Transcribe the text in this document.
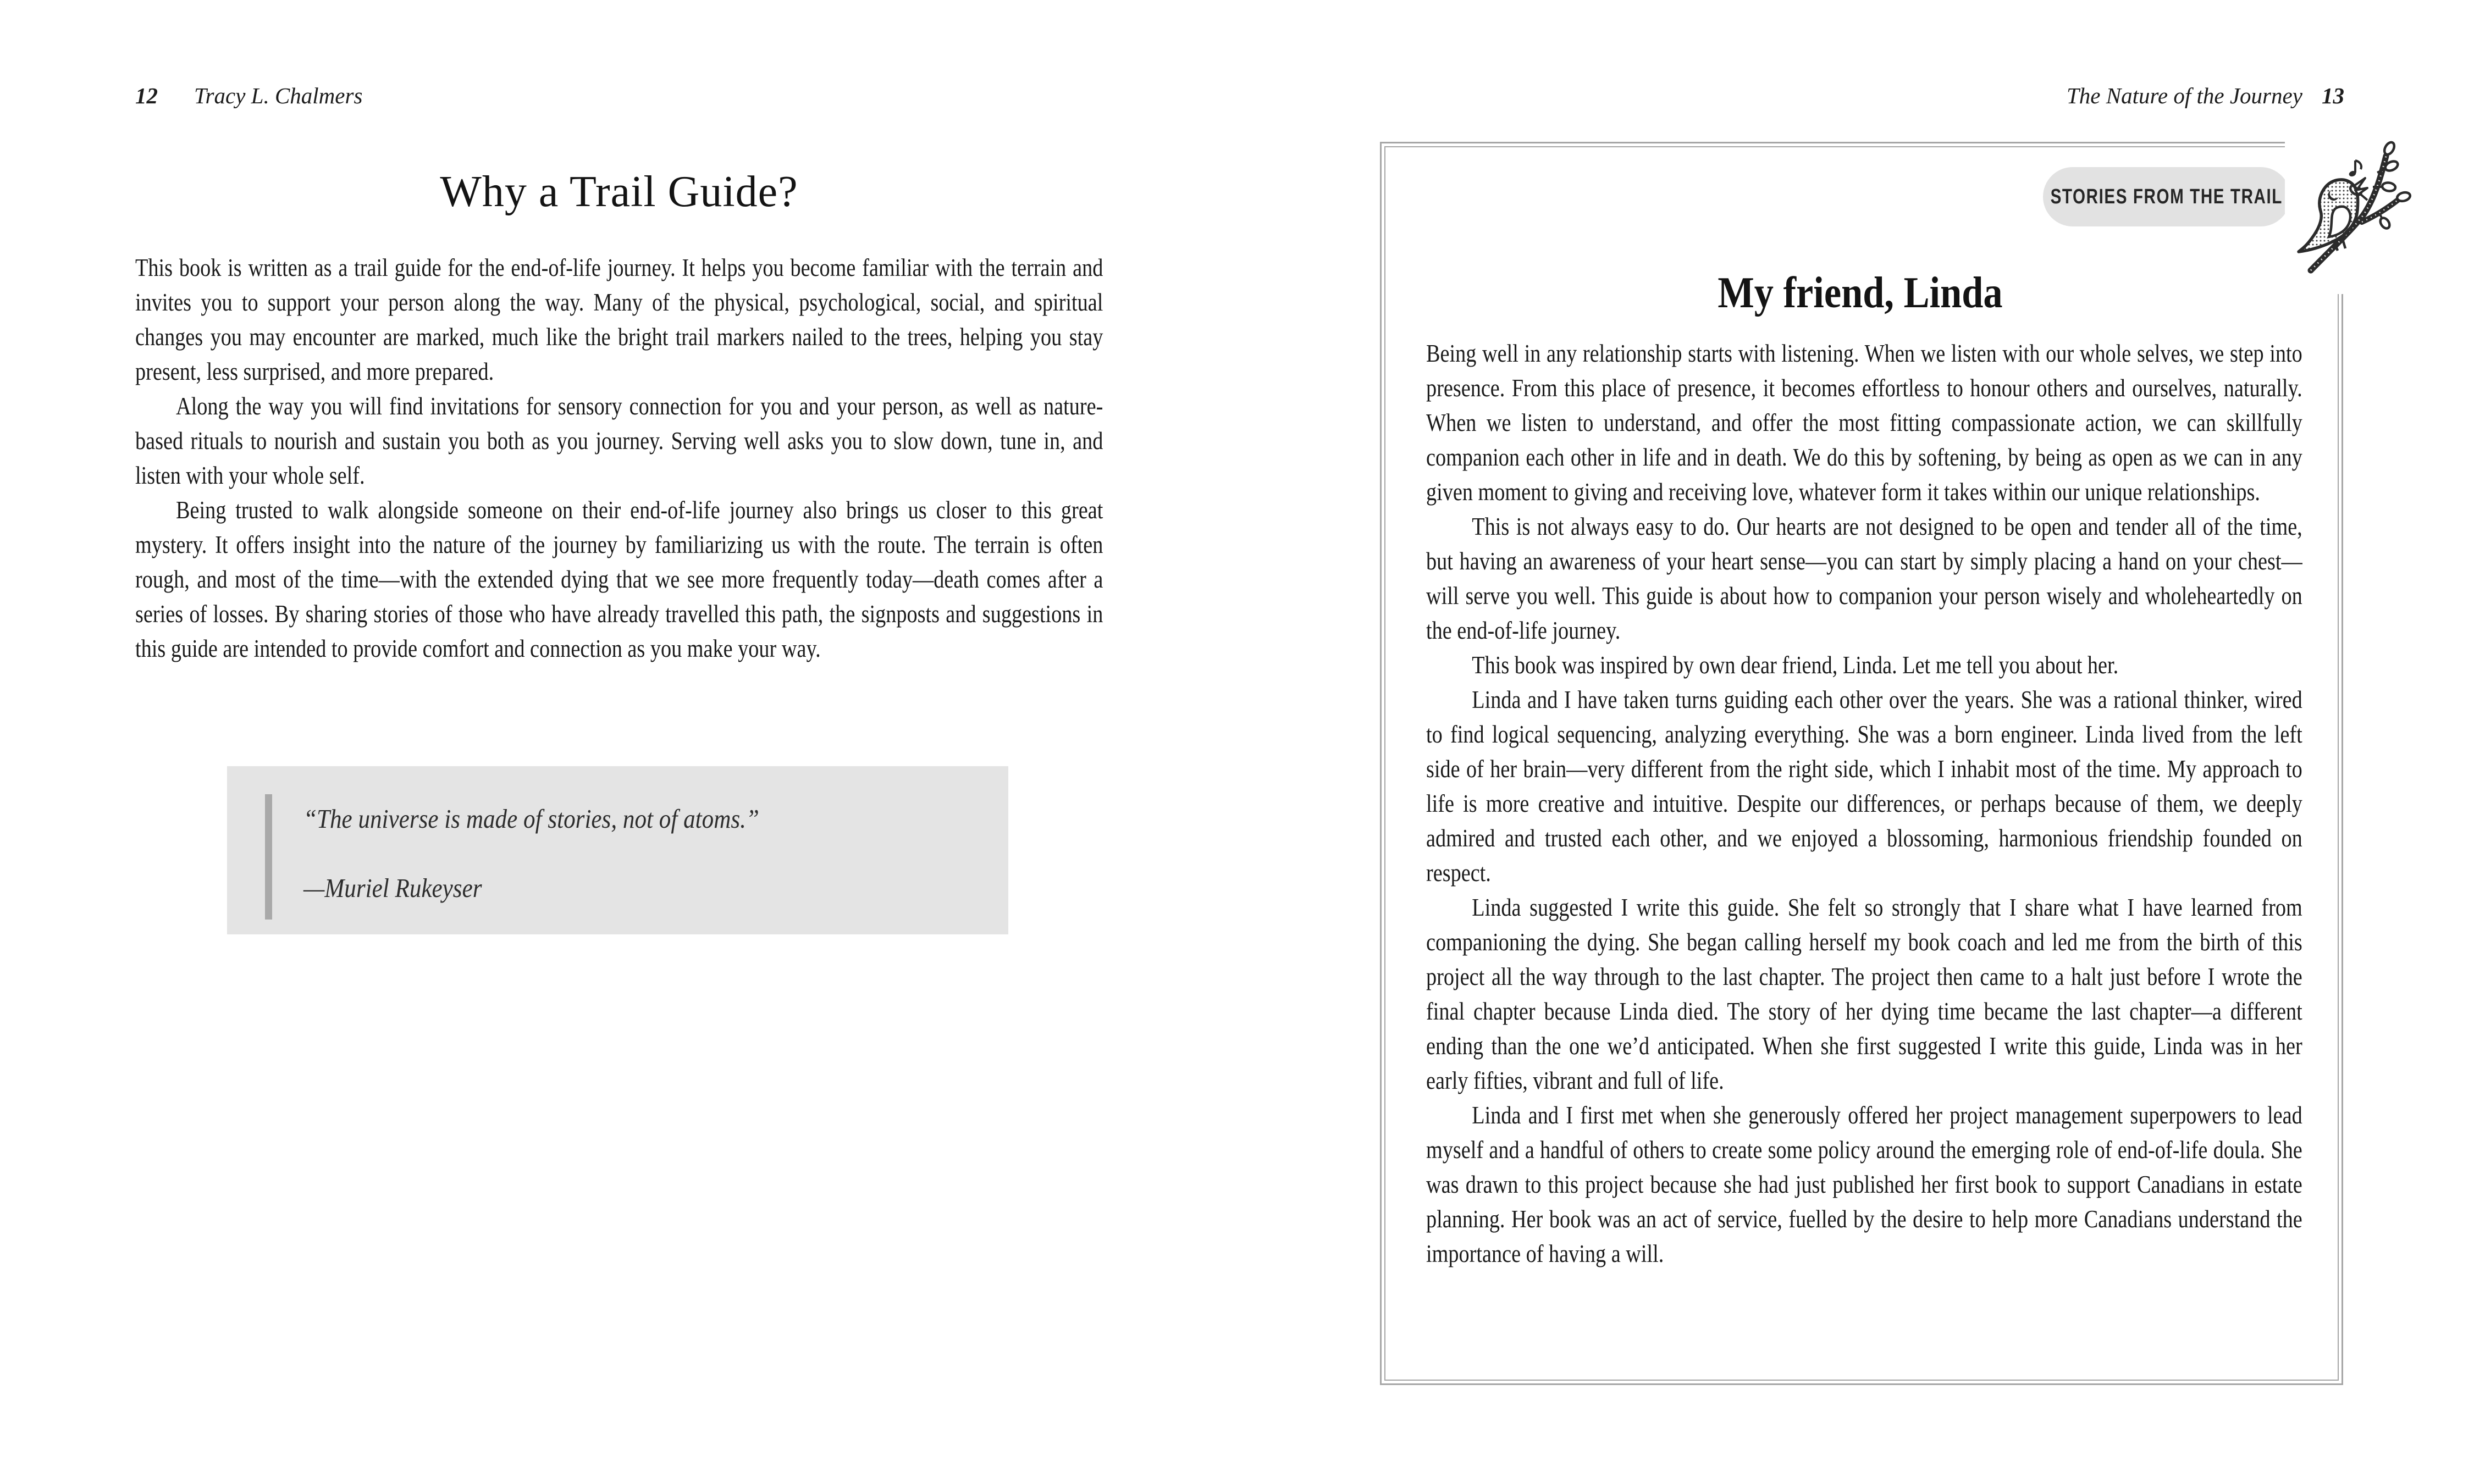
12 Tracy L. Chalmers	The Nature of the Journey 13
Why a Trail Guide?

This book is written as a trail guide for the end-of-life journey. It helps you become familiar with the terrain and invites you to support your person along the way. Many of the physical, psychological, social, and spiritual changes you may encounter are marked, much like the bright trail markers nailed to the trees, helping you stay present, less surprised, and more prepared.

Along the way you will find invitations for sensory connection for you and your person, as well as nature-based rituals to nourish and sustain you both as you journey. Serving well asks you to slow down, tune in, and listen with your whole self.

Being trusted to walk alongside someone on their end-of-life journey also brings us closer to this great mystery. It offers insight into the nature of the journey by familiarizing us with the route. The terrain is often rough, and most of the time—with the extended dying that we see more frequently today—death comes after a series of losses. By sharing stories of those who have already travelled this path, the signposts and suggestions in this guide are intended to provide comfort and connection as you make your way.

“The universe is made of stories, not of atoms.”
—Muriel Rukeyser
STORIES FROM THE TRAIL
My friend, Linda

Being well in any relationship starts with listening. When we listen with our whole selves, we step into presence. From this place of presence, it becomes effortless to honour others and ourselves, naturally. When we listen to understand, and offer the most fitting compassionate action, we can skillfully companion each other in life and in death. We do this by softening, by being as open as we can in any given moment to giving and receiving love, whatever form it takes within our unique relationships.

This is not always easy to do. Our hearts are not designed to be open and tender all of the time, but having an awareness of your heart sense—you can start by simply placing a hand on your chest—will serve you well. This guide is about how to companion your person wisely and wholeheartedly on the end-of-life journey.

This book was inspired by own dear friend, Linda. Let me tell you about her.

Linda and I have taken turns guiding each other over the years. She was a rational thinker, wired to find logical sequencing, analyzing everything. She was a born engineer. Linda lived from the left side of her brain—very different from the right side, which I inhabit most of the time. My approach to life is more creative and intuitive. Despite our differences, or perhaps because of them, we deeply admired and trusted each other, and we enjoyed a blossoming, harmonious friendship founded on respect.

Linda suggested I write this guide. She felt so strongly that I share what I have learned from companioning the dying. She began calling herself my book coach and led me from the birth of this project all the way through to the last chapter. The project then came to a halt just before I wrote the final chapter because Linda died. The story of her dying time became the last chapter—a different ending than the one we’d anticipated. When she first suggested I write this guide, Linda was in her early fifties, vibrant and full of life.

Linda and I first met when she generously offered her project management superpowers to lead myself and a handful of others to create some policy around the emerging role of end-of-life doula. She was drawn to this project because she had just published her first book to support Canadians in estate planning. Her book was an act of service, fuelled by the desire to help more Canadians understand the importance of having a will.
